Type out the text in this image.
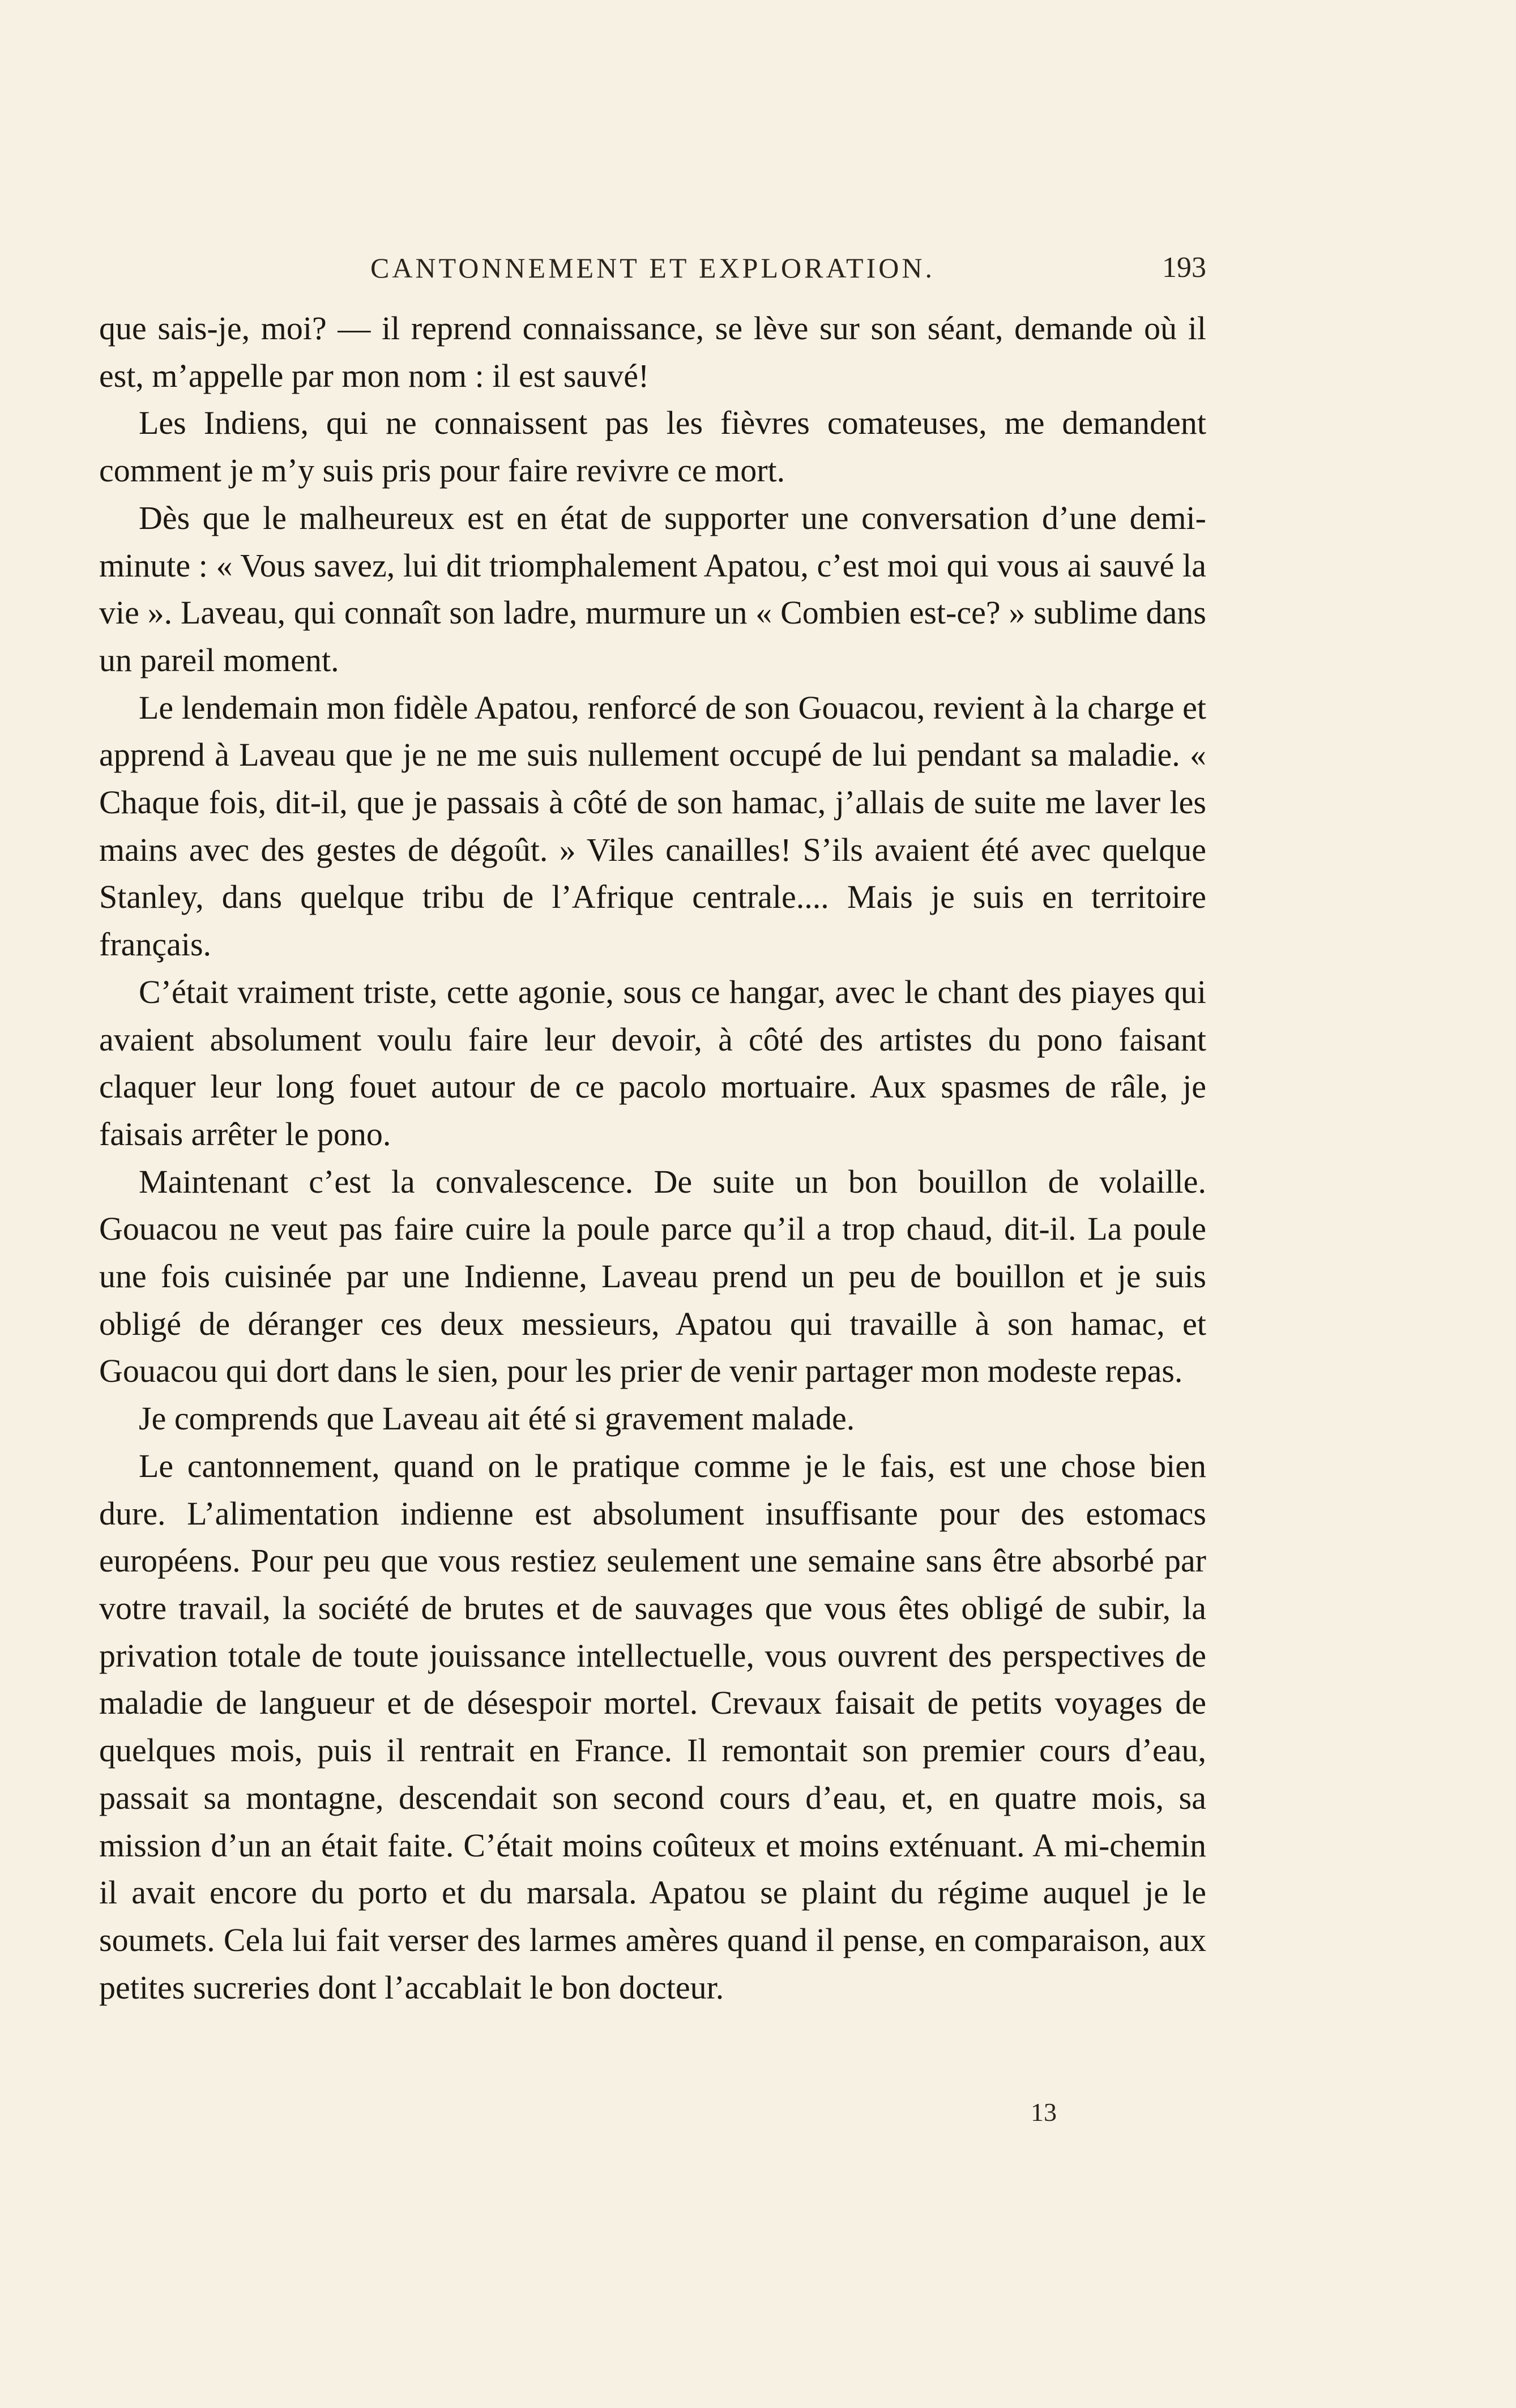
CANTONNEMENT ET EXPLORATION.	193

que sais-je, moi? — il reprend connaissance, se lève sur son séant, demande où il est, m’appelle par mon nom : il est sauvé!

Les Indiens, qui ne connaissent pas les fièvres comateuses, me demandent comment je m’y suis pris pour faire revivre ce mort.

Dès que le malheureux est en état de supporter une conversation d’une demi-minute : « Vous savez, lui dit triomphalement Apatou, c’est moi qui vous ai sauvé la vie ». Laveau, qui connaît son ladre, murmure un « Combien est-ce? » sublime dans un pareil moment.

Le lendemain mon fidèle Apatou, renforcé de son Gouacou, revient à la charge et apprend à Laveau que je ne me suis nullement occupé de lui pendant sa maladie. « Chaque fois, dit-il, que je passais à côté de son hamac, j’allais de suite me laver les mains avec des gestes de dégoût. » Viles canailles! S’ils avaient été avec quelque Stanley, dans quelque tribu de l’Afrique centrale.... Mais je suis en territoire français.

C’était vraiment triste, cette agonie, sous ce hangar, avec le chant des piayes qui avaient absolument voulu faire leur devoir, à côté des artistes du pono faisant claquer leur long fouet autour de ce pacolo mortuaire. Aux spasmes de râle, je faisais arrêter le pono.

Maintenant c’est la convalescence. De suite un bon bouillon de volaille. Gouacou ne veut pas faire cuire la poule parce qu’il a trop chaud, dit-il. La poule une fois cuisinée par une Indienne, Laveau prend un peu de bouillon et je suis obligé de déranger ces deux messieurs, Apatou qui travaille à son hamac, et Gouacou qui dort dans le sien, pour les prier de venir partager mon modeste repas.

Je comprends que Laveau ait été si gravement malade.

Le cantonnement, quand on le pratique comme je le fais, est une chose bien dure. L’alimentation indienne est absolument insuffisante pour des estomacs européens. Pour peu que vous restiez seulement une semaine sans être absorbé par votre travail, la société de brutes et de sauvages que vous êtes obligé de subir, la privation totale de toute jouissance intellectuelle, vous ouvrent des perspectives de maladie de langueur et de désespoir mortel. Crevaux faisait de petits voyages de quelques mois, puis il rentrait en France. Il remontait son premier cours d’eau, passait sa montagne, descendait son second cours d’eau, et, en quatre mois, sa mission d’un an était faite. C’était moins coûteux et moins exténuant. A mi-chemin il avait encore du porto et du marsala. Apatou se plaint du régime auquel je le soumets. Cela lui fait verser des larmes amères quand il pense, en comparaison, aux petites sucreries dont l’accablait le bon docteur.

13
